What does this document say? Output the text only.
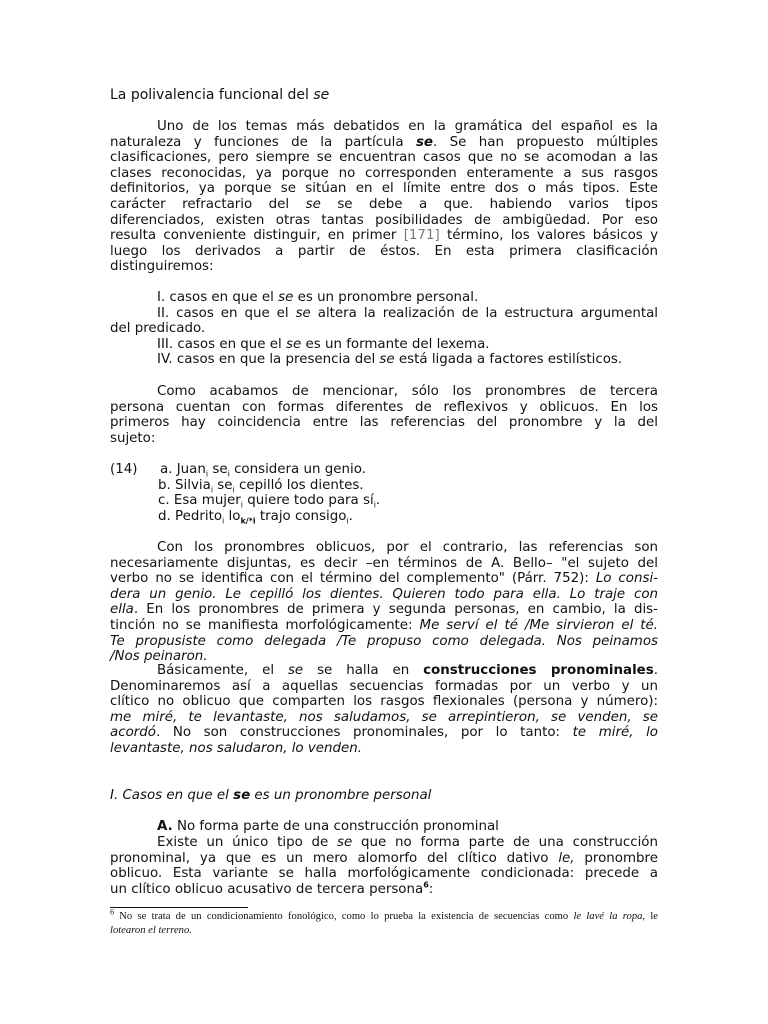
La polivalencia funcional del se
Uno de los temas más debatidos en la gramática del español es la
naturaleza y funciones de la partícula se. Se han propuesto múltiples
clasificaciones, pero siempre se encuentran casos que no se acomodan a las
clases reconocidas, ya porque no corresponden enteramente a sus rasgos
definitorios, ya porque se sitúan en el límite entre dos o más tipos. Este
carácter refractario del se se debe a que. habiendo varios tipos
diferenciados, existen otras tantas posibilidades de ambigüedad. Por eso
resulta conveniente distinguir, en primer [171] término, los valores básicos y
luego los derivados a partir de éstos. En esta primera clasificación
distinguiremos:
I. casos en que el se es un pronombre personal.
II. casos en que el se altera la realización de la estructura argumental
del predicado.
III. casos en que el se es un formante del lexema.
IV. casos en que la presencia del se está ligada a factores estilísticos.
Como acabamos de mencionar, sólo los pronombres de tercera
persona cuentan con formas diferentes de reflexivos y oblicuos. En los
primeros hay coincidencia entre las referencias del pronombre y la del
sujeto:
(14) a. Juan$_i$ $se_i$ considera un genio.
b. Silvia$_i$ $se_i$ cepilló los dientes.
c. Esa mujer$_i$ quiere todo para $sí_i$.
d. Pedrito$_i$ $lo_{k/*i}$ trajo consigo$_i$.
Con los pronombres oblicuos, por el contrario, las referencias son
necesariamente disjuntas, es decir –en términos de A. Bello– "el sujeto del
verbo no se identifica con el término del complemento" (Párr. 752): Lo consi-
dera un genio. Le cepilló los dientes. Quieren todo para ella. Lo traje con
ella. En los pronombres de primera y segunda personas, en cambio, la dis-
tinción no se manifiesta morfológicamente: Me serví el té /Me sirvieron el té.
Te propusiste como delegada /Te propuso como delegada. Nos peinamos
/Nos peinaron.
Básicamente, el se se halla en construcciones pronominales.
Denominaremos así a aquellas secuencias formadas por un verbo y un
clítico no oblicuo que comparten los rasgos flexionales (persona y número):
me miré, te levantaste, nos saludamos, se arrepintieron, se venden, se
acordó. No son construcciones pronominales, por lo tanto: te miré, lo
levantaste, nos saludaron, lo venden.
I. Casos en que el se es un pronombre personal
A. No forma parte de una construcción pronominal
Existe un único tipo de se que no forma parte de una construcción
pronominal, ya que es un mero alomorfo del clítico dativo le, pronombre
oblicuo. Esta variante se halla morfológicamente condicionada: precede a
un clítico oblicuo acusativo de tercera persona$^6$:
$^6$ No se trata de un condicionamiento fonológico, como lo prueba la existencia de secuencias como le lavé la ropa, le
lotearon el terreno.
